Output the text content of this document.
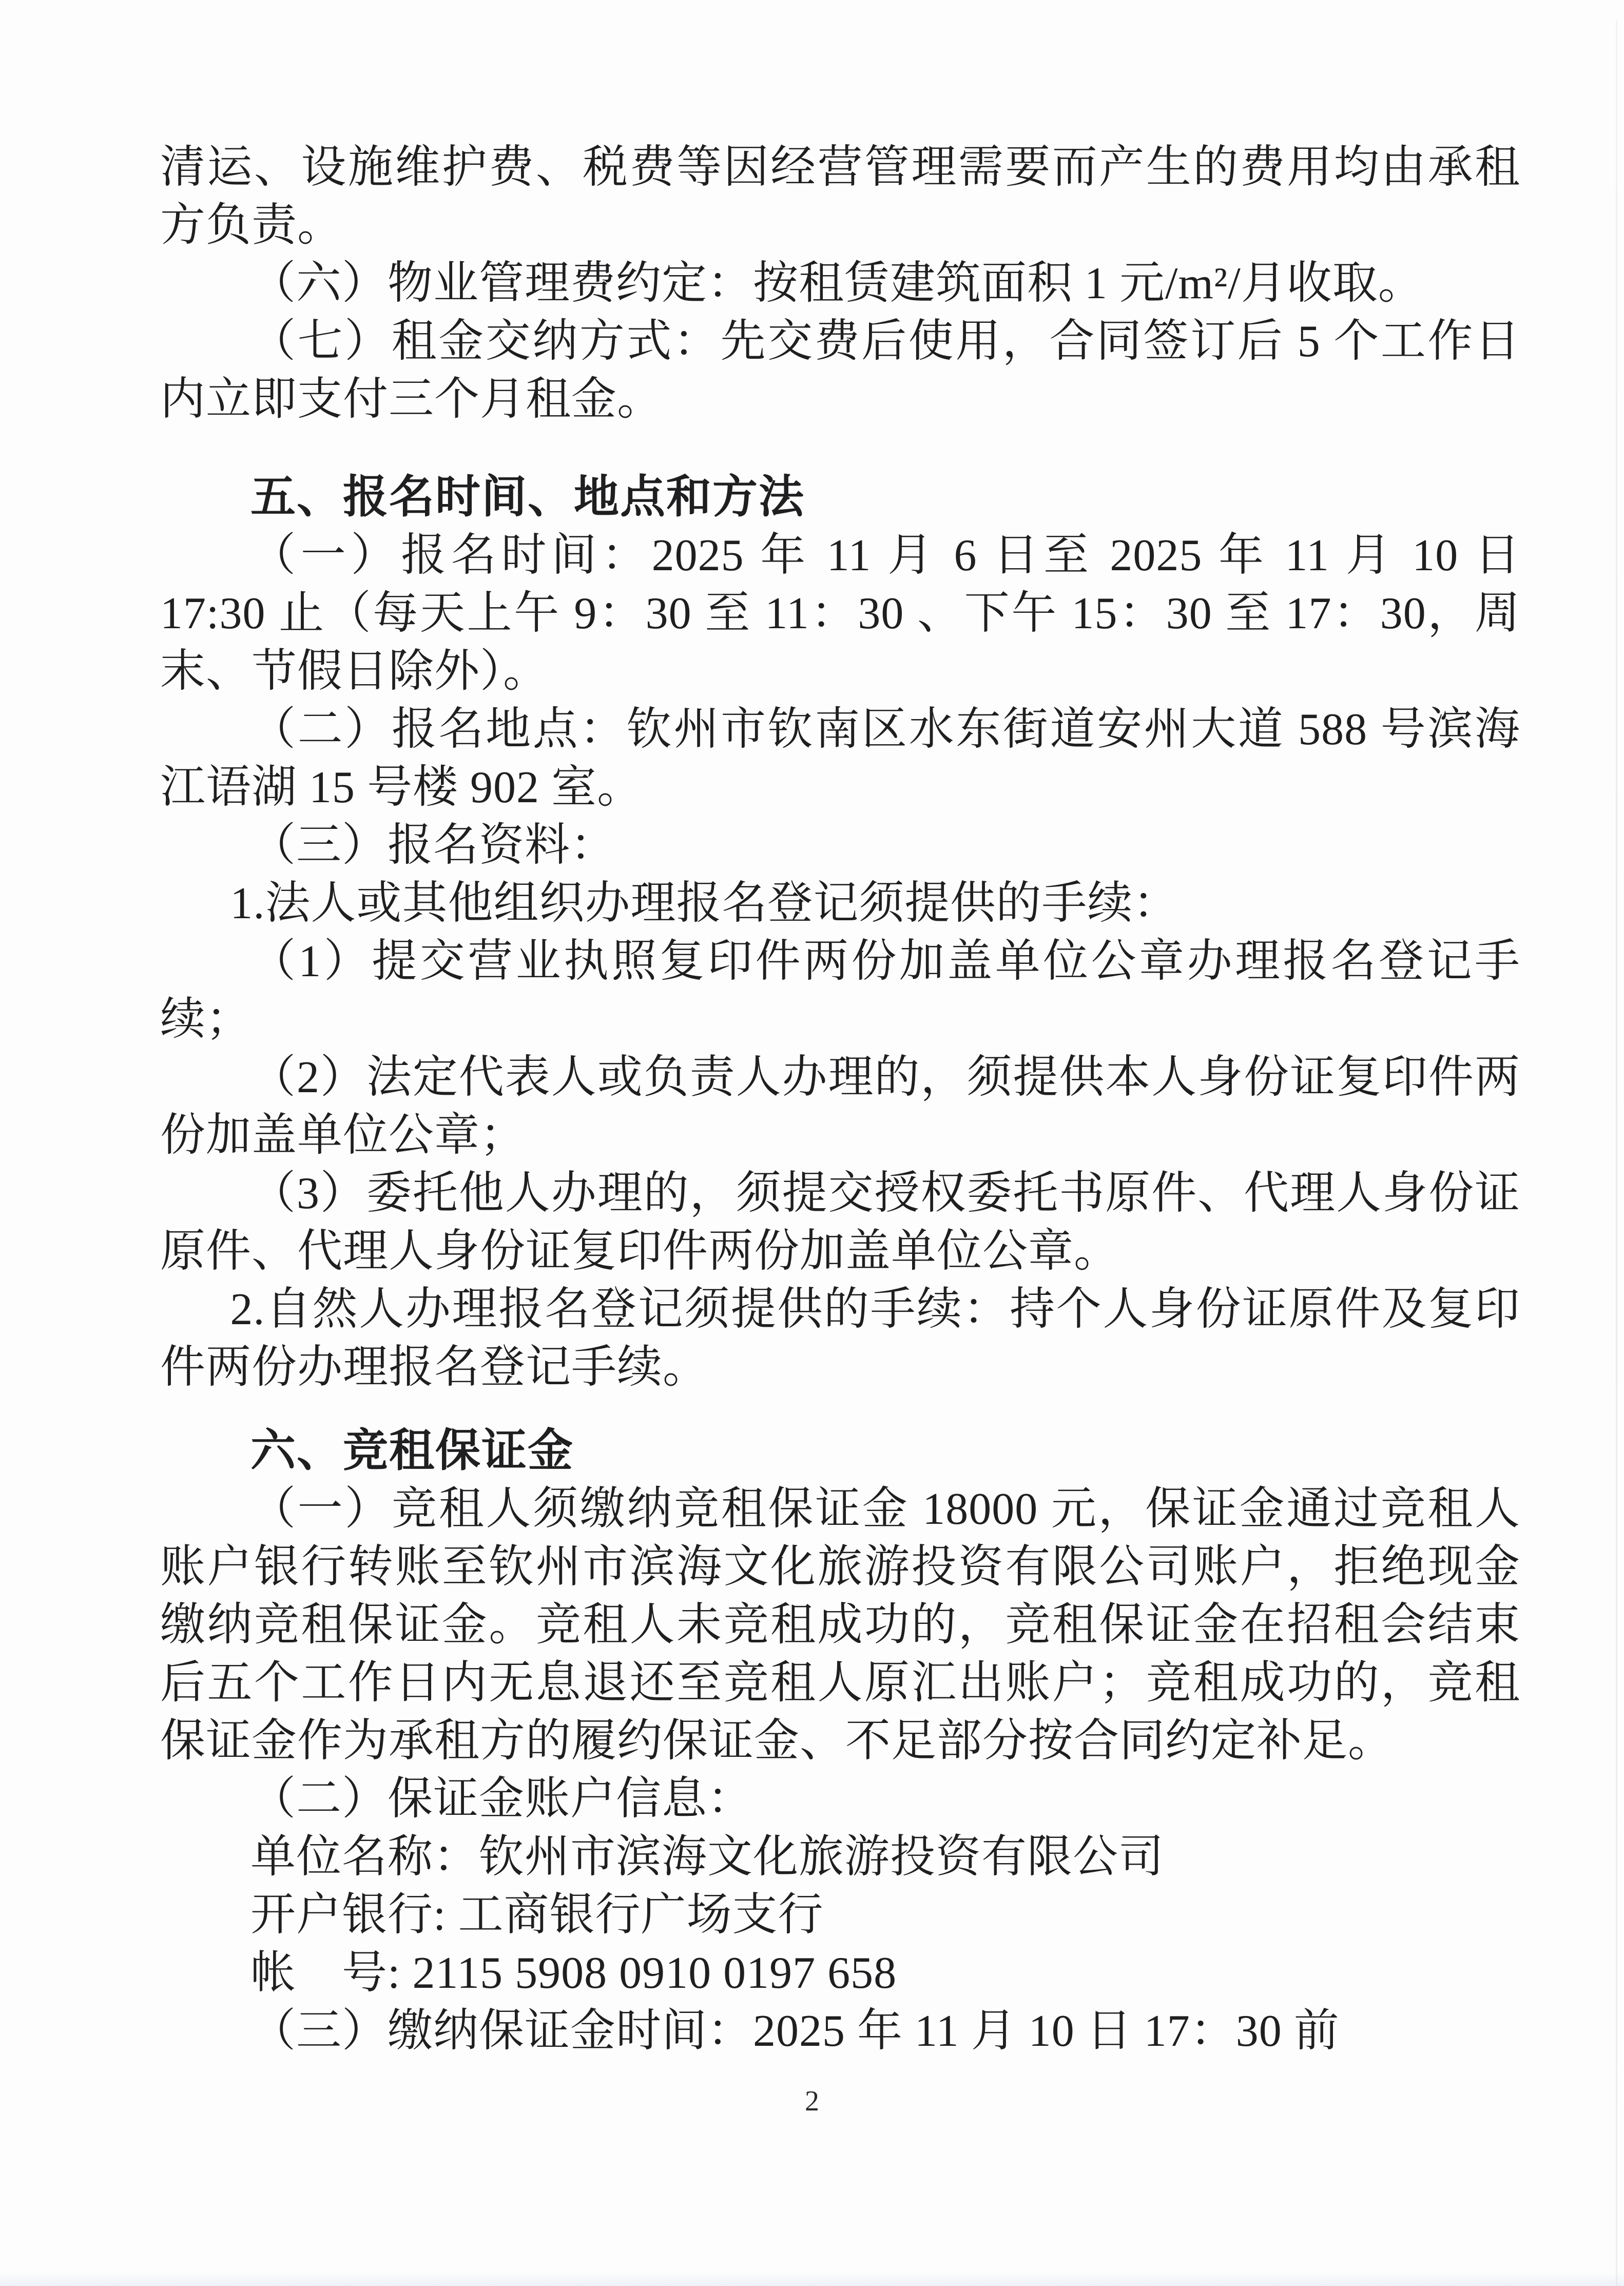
清运、设施维护费、税费等因经营管理需要而产生的费用均由承租方负责。

（六）物业管理费约定：按租赁建筑面积 1 元/m²/月收取。

（七）租金交纳方式：先交费后使用，合同签订后 5 个工作日内立即支付三个月租金。

五、报名时间、地点和方法

（一）报名时间：2025 年 11 月 6 日至 2025 年 11 月 10 日 17:30 止（每天上午 9：30 至 11：30 、下午 15：30 至 17：30，周末、节假日除外）。

（二）报名地点：钦州市钦南区水东街道安州大道 588 号滨海江语湖 15 号楼 902 室。

（三）报名资料：

1.法人或其他组织办理报名登记须提供的手续：

（1）提交营业执照复印件两份加盖单位公章办理报名登记手续；

（2）法定代表人或负责人办理的，须提供本人身份证复印件两份加盖单位公章；

（3）委托他人办理的，须提交授权委托书原件、代理人身份证原件、代理人身份证复印件两份加盖单位公章。

2.自然人办理报名登记须提供的手续：持个人身份证原件及复印件两份办理报名登记手续。

六、竞租保证金

（一）竞租人须缴纳竞租保证金 18000 元，保证金通过竞租人账户银行转账至钦州市滨海文化旅游投资有限公司账户，拒绝现金缴纳竞租保证金。竞租人未竞租成功的，竞租保证金在招租会结束后五个工作日内无息退还至竞租人原汇出账户；竞租成功的，竞租保证金作为承租方的履约保证金、不足部分按合同约定补足。

（二）保证金账户信息：

单位名称：钦州市滨海文化旅游投资有限公司

开户银行: 工商银行广场支行

帐　号: 2115 5908 0910 0197 658

（三）缴纳保证金时间：2025 年 11 月 10 日 17：30 前

2
